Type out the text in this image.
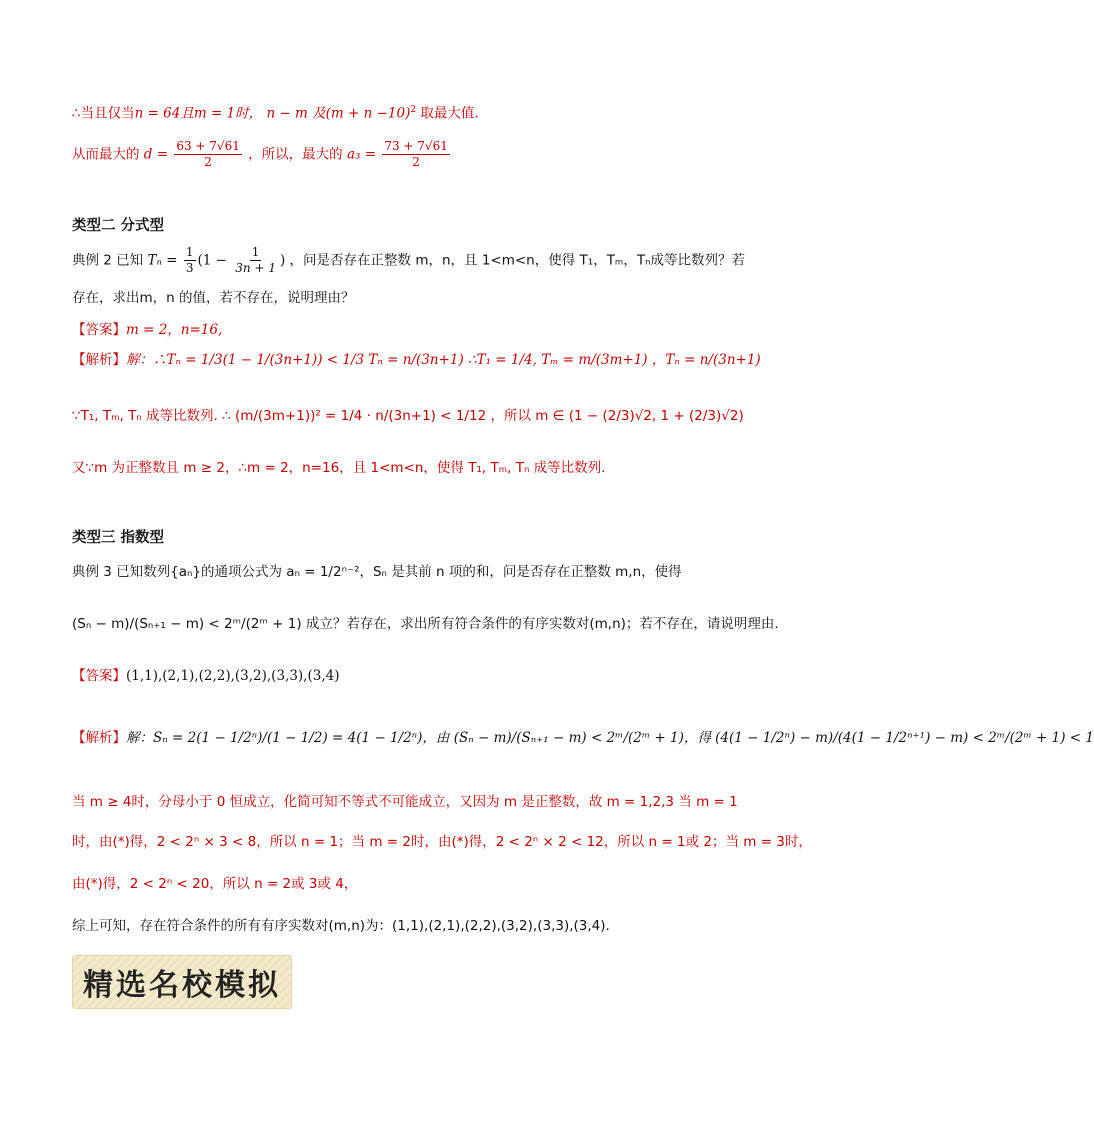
∴当且仅当n = 64且m = 1时， n − m 及$(m + n -10)^2$ 取最大值.
从而最大的 $d = \frac{63 + 7√61}{2}$ ，所以，最大的 $a_3 = \frac{73 + 7√61}{2}$
类型二 分式型
典例 2 已知 $T_n = \frac{1}{3} (1 - \frac{1}{3n + 1}$ ) ，问是否存在正整数 m，n，且 1<m<n，使得 T₁，Tₘ，Tₙ成等比数列？若
存在，求出m，n 的值，若不存在，说明理由？
【答案】m = 2，n=16,
【解析】解：∴Tₙ = 1/3(1 − 1/(3n+1)) < 1/3 Tₙ = n/(3n+1) ∴T₁ = 1/4, Tₘ = m/(3m+1) ，Tₙ = n/(3n+1)
∵T₁, Tₘ, Tₙ 成等比数列. ∴ (m/(3m+1))² = 1/4 · n/(3n+1) < 1/12 ，所以 m ∈ (1 − (2/3)√2, 1 + (2/3)√2)
又∵m 为正整数且 m ≥ 2，∴m = 2，n=16，且 1<m<n，使得 T₁, Tₘ, Tₙ 成等比数列.
类型三 指数型
典例 3 已知数列{aₙ}的通项公式为 aₙ = 1/2ⁿ⁻²，Sₙ 是其前 n 项的和，问是否存在正整数 m,n，使得
(Sₙ − m)/(Sₙ₊₁ − m) < 2ᵐ/(2ᵐ + 1) 成立？若存在，求出所有符合条件的有序实数对(m,n)；若不存在，请说明理由.
【答案】(1,1),(2,1),(2,2),(3,2),(3,3),(3,4)
【解析】解：Sₙ = 2(1 − 1/2ⁿ)/(1 − 1/2) = 4(1 − 1/2ⁿ)，由 (Sₙ − m)/(Sₙ₊₁ − m) < 2ᵐ/(2ᵐ + 1)，得 (4(1 − 1/2ⁿ) − m)/(4(1 − 1/2ⁿ⁺¹) − m) < 2ᵐ/(2ᵐ + 1) < 1
当 m ≥ 4时，分母小于 0 恒成立，化简可知不等式不可能成立，又因为 m 是正整数，故 m = 1,2,3 当 m = 1
时，由(*)得，2 < 2ⁿ × 3 < 8，所以 n = 1；当 m = 2时，由(*)得，2 < 2ⁿ × 2 < 12，所以 n = 1或 2；当 m = 3时，
由(*)得，2 < 2ⁿ < 20，所以 n = 2或 3或 4，
综上可知，存在符合条件的所有有序实数对(m,n)为：(1,1),(2,1),(2,2),(3,2),(3,3),(3,4).
精选名校模拟
